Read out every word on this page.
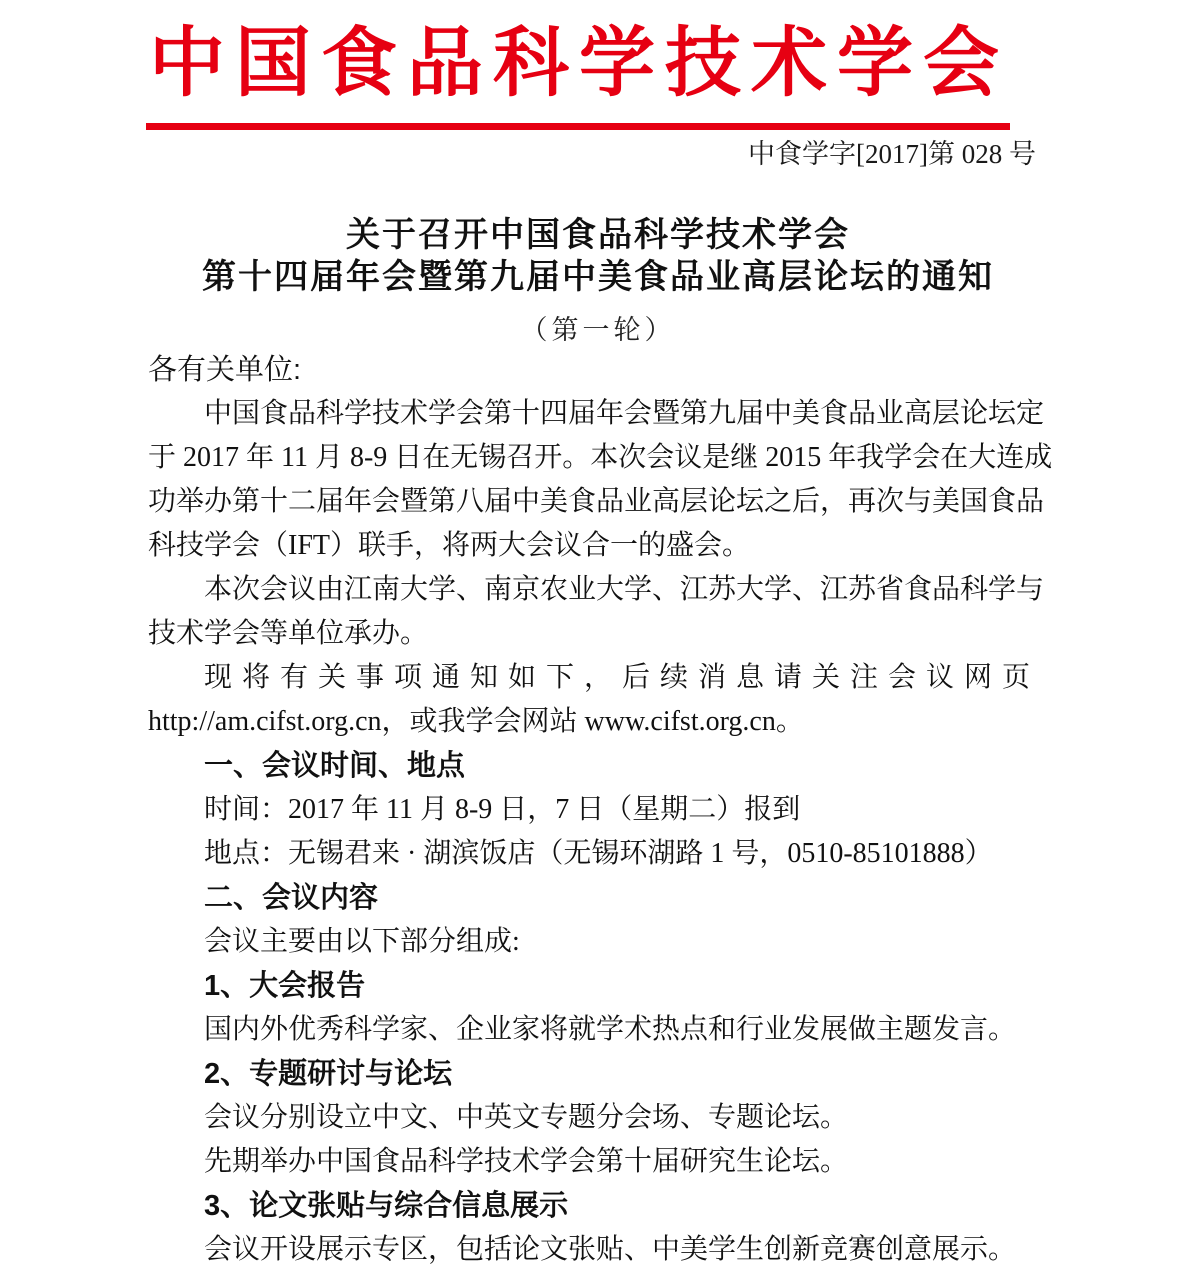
中国食品科学技术学会
中食学字[2017]第 028 号
关于召开中国食品科学技术学会
第十四届年会暨第九届中美食品业高层论坛的通知
（第一轮）
各有关单位:
中国食品科学技术学会第十四届年会暨第九届中美食品业高层论坛定
于 2017 年 11 月 8-9 日在无锡召开。本次会议是继 2015 年我学会在大连成
功举办第十二届年会暨第八届中美食品业高层论坛之后，再次与美国食品
科技学会（IFT）联手，将两大会议合一的盛会。
本次会议由江南大学、南京农业大学、江苏大学、江苏省食品科学与
技术学会等单位承办。
现将有关事项通知如下，后续消息请关注会议网页
http://am.cifst.org.cn，或我学会网站 www.cifst.org.cn。
一、会议时间、地点
时间：2017 年 11 月 8-9 日，7 日（星期二）报到
地点：无锡君来 · 湖滨饭店（无锡环湖路 1 号，0510-85101888）
二、会议内容
会议主要由以下部分组成:
1、大会报告
国内外优秀科学家、企业家将就学术热点和行业发展做主题发言。
2、专题研讨与论坛
会议分别设立中文、中英文专题分会场、专题论坛。
先期举办中国食品科学技术学会第十届研究生论坛。
3、论文张贴与综合信息展示
会议开设展示专区，包括论文张贴、中美学生创新竞赛创意展示。
